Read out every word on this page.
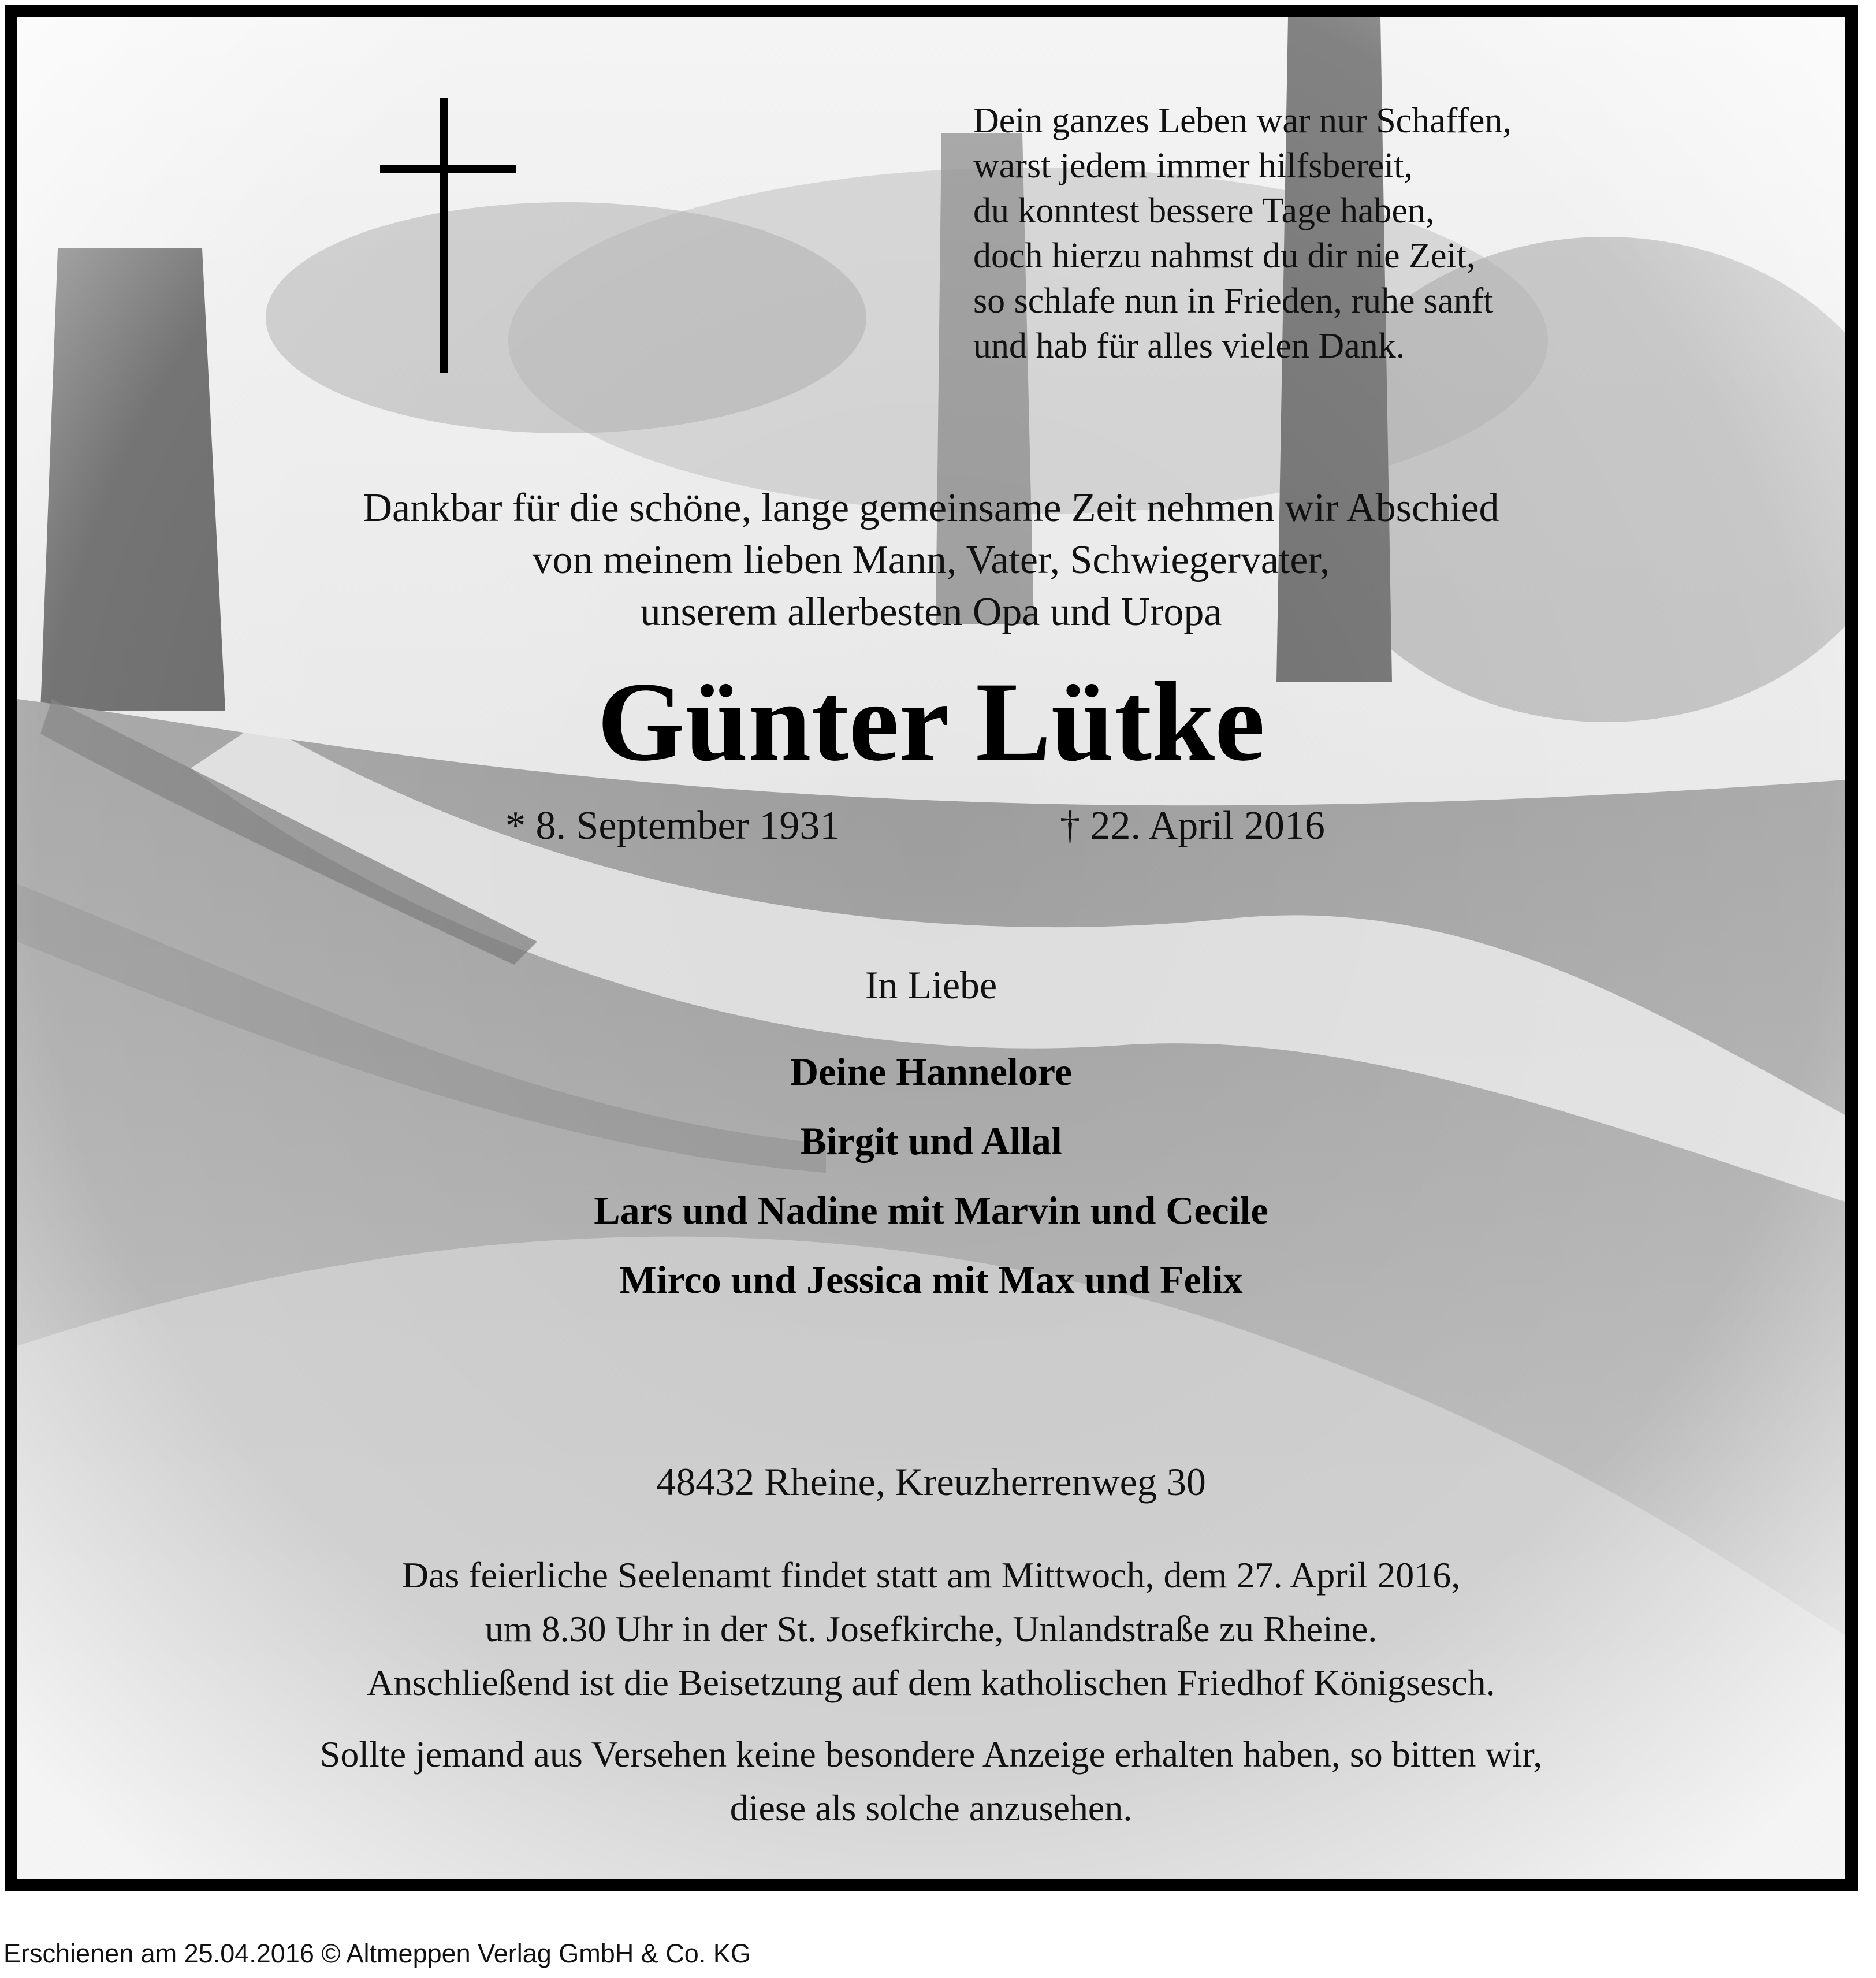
Dein ganzes Leben war nur Schaffen,
warst jedem immer hilfsbereit,
du konntest bessere Tage haben,
doch hierzu nahmst du dir nie Zeit,
so schlafe nun in Frieden, ruhe sanft
und hab für alles vielen Dank.
Dankbar für die schöne, lange gemeinsame Zeit nehmen wir Abschied
von meinem lieben Mann, Vater, Schwiegervater,
unserem allerbesten Opa und Uropa
Günter Lütke
* 8. September 1931	† 22. April 2016
In Liebe
Deine Hannelore
Birgit und Allal
Lars und Nadine mit Marvin und Cecile
Mirco und Jessica mit Max und Felix
48432 Rheine, Kreuzherrenweg 30
Das feierliche Seelenamt findet statt am Mittwoch, dem 27. April 2016,
um 8.30 Uhr in der St. Josefkirche, Unlandstraße zu Rheine.
Anschließend ist die Beisetzung auf dem katholischen Friedhof Königsesch.
Sollte jemand aus Versehen keine besondere Anzeige erhalten haben, so bitten wir,
diese als solche anzusehen.
Erschienen am 25.04.2016 © Altmeppen Verlag GmbH & Co. KG
